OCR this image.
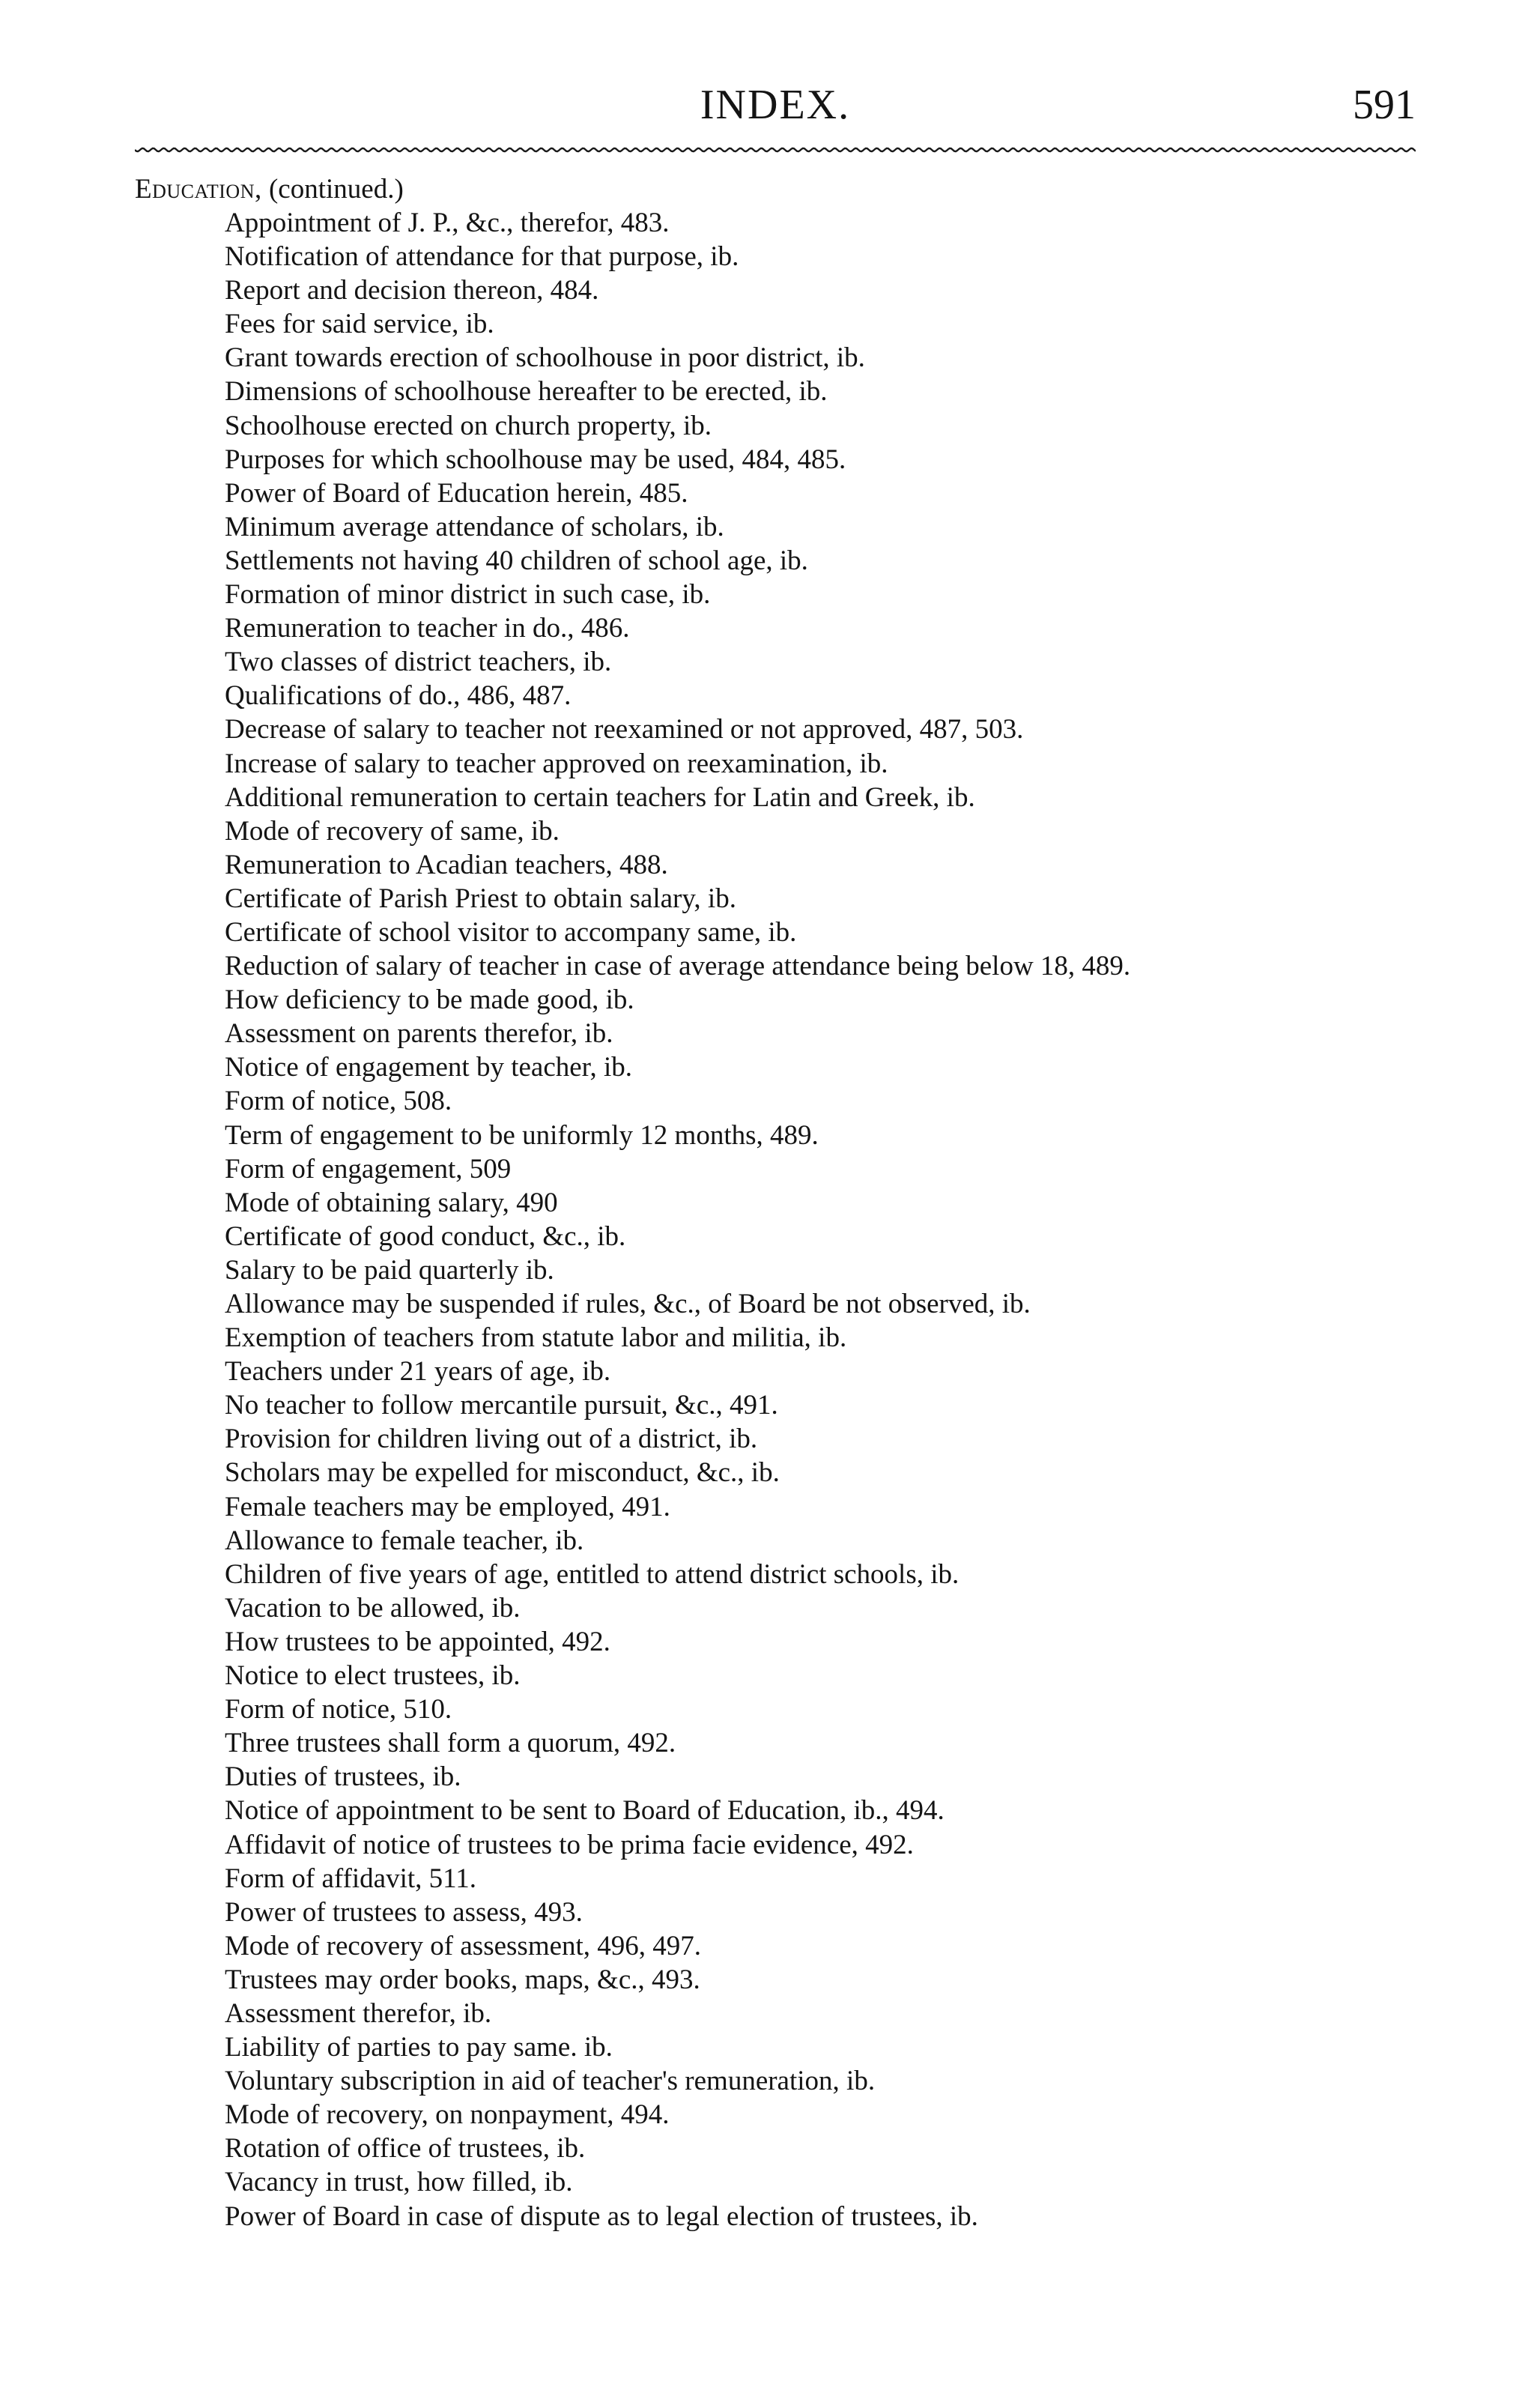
INDEX.	591
Education, (continued.)
Appointment of J. P., &c., therefor, 483.
Notification of attendance for that purpose, ib.
Report and decision thereon, 484.
Fees for said service, ib.
Grant towards erection of schoolhouse in poor district, ib.
Dimensions of schoolhouse hereafter to be erected, ib.
Schoolhouse erected on church property, ib.
Purposes for which schoolhouse may be used, 484, 485.
Power of Board of Education herein, 485.
Minimum average attendance of scholars, ib.
Settlements not having 40 children of school age, ib.
Formation of minor district in such case, ib.
Remuneration to teacher in do., 486.
Two classes of district teachers, ib.
Qualifications of do., 486, 487.
Decrease of salary to teacher not reexamined or not approved, 487, 503.
Increase of salary to teacher approved on reexamination, ib.
Additional remuneration to certain teachers for Latin and Greek, ib.
Mode of recovery of same, ib.
Remuneration to Acadian teachers, 488.
Certificate of Parish Priest to obtain salary, ib.
Certificate of school visitor to accompany same, ib.
Reduction of salary of teacher in case of average attendance being below 18, 489.
How deficiency to be made good, ib.
Assessment on parents therefor, ib.
Notice of engagement by teacher, ib.
Form of notice, 508.
Term of engagement to be uniformly 12 months, 489.
Form of engagement, 509
Mode of obtaining salary, 490
Certificate of good conduct, &c., ib.
Salary to be paid quarterly ib.
Allowance may be suspended if rules, &c., of Board be not observed, ib.
Exemption of teachers from statute labor and militia, ib.
Teachers under 21 years of age, ib.
No teacher to follow mercantile pursuit, &c., 491.
Provision for children living out of a district, ib.
Scholars may be expelled for misconduct, &c., ib.
Female teachers may be employed, 491.
Allowance to female teacher, ib.
Children of five years of age, entitled to attend district schools, ib.
Vacation to be allowed, ib.
How trustees to be appointed, 492.
Notice to elect trustees, ib.
Form of notice, 510.
Three trustees shall form a quorum, 492.
Duties of trustees, ib.
Notice of appointment to be sent to Board of Education, ib., 494.
Affidavit of notice of trustees to be prima facie evidence, 492.
Form of affidavit, 511.
Power of trustees to assess, 493.
Mode of recovery of assessment, 496, 497.
Trustees may order books, maps, &c., 493.
Assessment therefor, ib.
Liability of parties to pay same. ib.
Voluntary subscription in aid of teacher's remuneration, ib.
Mode of recovery, on nonpayment, 494.
Rotation of office of trustees, ib.
Vacancy in trust, how filled, ib.
Power of Board in case of dispute as to legal election of trustees, ib.
